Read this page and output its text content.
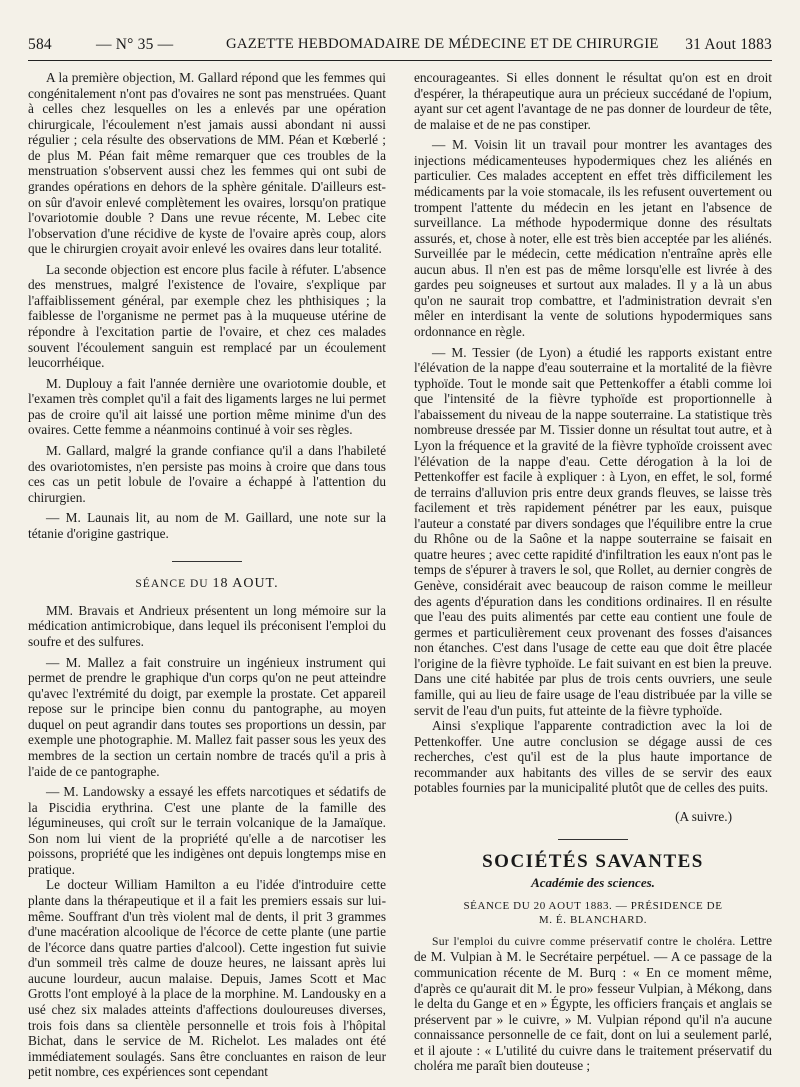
584	— N° 35 —	GAZETTE HEBDOMADAIRE DE MÉDECINE ET DE CHIRURGIE 31 Aout 1883

A la première objection, M. Gallard répond que les femmes qui congénitalement n'ont pas d'ovaires ne sont pas menstruées. Quant à celles chez lesquelles on les a enlevés par une opération chirurgicale, l'écoulement n'est jamais aussi abondant ni aussi régulier ; cela résulte des observations de MM. Péan et Kœberlé ; de plus M. Péan fait même remarquer que ces troubles de la menstruation s'observent aussi chez les femmes qui ont subi de grandes opérations en dehors de la sphère génitale. D'ailleurs est-on sûr d'avoir enlevé complètement les ovaires, lorsqu'on pratique l'ovariotomie double ? Dans une revue récente, M. Lebec cite l'observation d'une récidive de kyste de l'ovaire après coup, alors que le chirurgien croyait avoir enlevé les ovaires dans leur totalité.

La seconde objection est encore plus facile à réfuter. L'absence des menstrues, malgré l'existence de l'ovaire, s'explique par l'affaiblissement général, par exemple chez les phthisiques ; la faiblesse de l'organisme ne permet pas à la muqueuse utérine de répondre à l'excitation partie de l'ovaire, et chez ces malades souvent l'écoulement sanguin est remplacé par un écoulement leucorrhéique.

M. Duplouy a fait l'année dernière une ovariotomie double, et l'examen très complet qu'il a fait des ligaments larges ne lui permet pas de croire qu'il ait laissé une portion même minime d'un des ovaires. Cette femme a néanmoins continué à voir ses règles.

M. Gallard, malgré la grande confiance qu'il a dans l'habileté des ovariotomistes, n'en persiste pas moins à croire que dans tous ces cas un petit lobule de l'ovaire a échappé à l'attention du chirurgien.

— M. Launais lit, au nom de M. Gaillard, une note sur la tétanie d'origine gastrique.

SÉANCE DU 18 AOUT.

MM. Bravais et Andrieux présentent un long mémoire sur la médication antimicrobique, dans lequel ils préconisent l'emploi du soufre et des sulfures.

— M. Mallez a fait construire un ingénieux instrument qui permet de prendre le graphique d'un corps qu'on ne peut atteindre qu'avec l'extrémité du doigt, par exemple la prostate. Cet appareil repose sur le principe bien connu du pantographe, au moyen duquel on peut agrandir dans toutes ses proportions un dessin, par exemple une photographie. M. Mallez fait passer sous les yeux des membres de la section un certain nombre de tracés qu'il a pris à l'aide de ce pantographe.

— M. Landowsky a essayé les effets narcotiques et sédatifs de la Piscidia erythrina. C'est une plante de la famille des légumineuses, qui croît sur le terrain volcanique de la Jamaïque. Son nom lui vient de la propriété qu'elle a de narcotiser les poissons, propriété que les indigènes ont depuis longtemps mise en pratique.

Le docteur William Hamilton a eu l'idée d'introduire cette plante dans la thérapeutique et il a fait les premiers essais sur lui-même. Souffrant d'un très violent mal de dents, il prit 3 grammes d'une macération alcoolique de l'écorce de cette plante (une partie de l'écorce dans quatre parties d'alcool). Cette ingestion fut suivie d'un sommeil très calme de douze heures, ne laissant après lui aucune lourdeur, aucun malaise. Depuis, James Scott et Mac Grotts l'ont employé à la place de la morphine. M. Landousky en a usé chez six malades atteints d'affections douloureuses diverses, trois fois dans sa clientèle personnelle et trois fois à l'hôpital Bichat, dans le service de M. Richelot. Les malades ont été immédiatement soulagés. Sans être concluantes en raison de leur petit nombre, ces expériences sont cependant

encourageantes. Si elles donnent le résultat qu'on est en droit d'espérer, la thérapeutique aura un précieux succédané de l'opium, ayant sur cet agent l'avantage de ne pas donner de lourdeur de tête, de malaise et de ne pas constiper.

— M. Voisin lit un travail pour montrer les avantages des injections médicamenteuses hypodermiques chez les aliénés en particulier. Ces malades acceptent en effet très difficilement les médicaments par la voie stomacale, ils les refusent ouvertement ou trompent l'attente du médecin en les jetant en l'absence de surveillance. La méthode hypodermique donne des résultats assurés, et, chose à noter, elle est très bien acceptée par les aliénés. Surveillée par le médecin, cette médication n'entraîne après elle aucun abus. Il n'en est pas de même lorsqu'elle est livrée à des gardes peu soigneuses et surtout aux malades. Il y a là un abus qu'on ne saurait trop combattre, et l'administration devrait s'en mêler en interdisant la vente de solutions hypodermiques sans ordonnance en règle.

— M. Tessier (de Lyon) a étudié les rapports existant entre l'élévation de la nappe d'eau souterraine et la mortalité de la fièvre typhoïde. Tout le monde sait que Pettenkoffer a établi comme loi que l'intensité de la fièvre typhoïde est proportionnelle à l'abaissement du niveau de la nappe souterraine. La statistique très nombreuse dressée par M. Tissier donne un résultat tout autre, et à Lyon la fréquence et la gravité de la fièvre typhoïde croissent avec l'élévation de la nappe d'eau. Cette dérogation à la loi de Pettenkoffer est facile à expliquer : à Lyon, en effet, le sol, formé de terrains d'alluvion pris entre deux grands fleuves, se laisse très facilement et très rapidement pénétrer par les eaux, puisque l'auteur a constaté par divers sondages que l'équilibre entre la crue du Rhône ou de la Saône et la nappe souterraine se faisait en quatre heures ; avec cette rapidité d'infiltration les eaux n'ont pas le temps de s'épurer à travers le sol, que Rollet, au dernier congrès de Genève, considérait avec beaucoup de raison comme le meilleur des agents d'épuration dans les conditions ordinaires. Il en résulte que l'eau des puits alimentés par cette eau contient une foule de germes et particulièrement ceux provenant des fosses d'aisances non étanches. C'est dans l'usage de cette eau que doit être placée l'origine de la fièvre typhoïde. Le fait suivant en est bien la preuve. Dans une cité habitée par plus de trois cents ouvriers, une seule famille, qui au lieu de faire usage de l'eau distribuée par la ville se servit de l'eau d'un puits, fut atteinte de la fièvre typhoïde.

Ainsi s'explique l'apparente contradiction avec la loi de Pettenkoffer. Une autre conclusion se dégage aussi de ces recherches, c'est qu'il est de la plus haute importance de recommander aux habitants des villes de se servir des eaux potables fournies par la municipalité plutôt que de celles des puits.

(A suivre.)

SOCIÉTÉS SAVANTES

Académie des sciences.

SÉANCE DU 20 AOUT 1883. — PRÉSIDENCE DE
M. É. BLANCHARD.

Sur l'emploi du cuivre comme préservatif contre le choléra. Lettre de M. Vulpian à M. le Secrétaire perpétuel. — A ce passage de la communication récente de M. Burq : « En ce moment même, d'après ce qu'aurait dit M. le pro» fesseur Vulpian, à Mékong, dans le delta du Gange et en » Égypte, les officiers français et anglais se préservent par » le cuivre, » M. Vulpian répond qu'il n'a aucune connaissance personnelle de ce fait, dont on lui a seulement parlé, et il ajoute : « L'utilité du cuivre dans le traitement préservatif du choléra me paraît bien douteuse ;
